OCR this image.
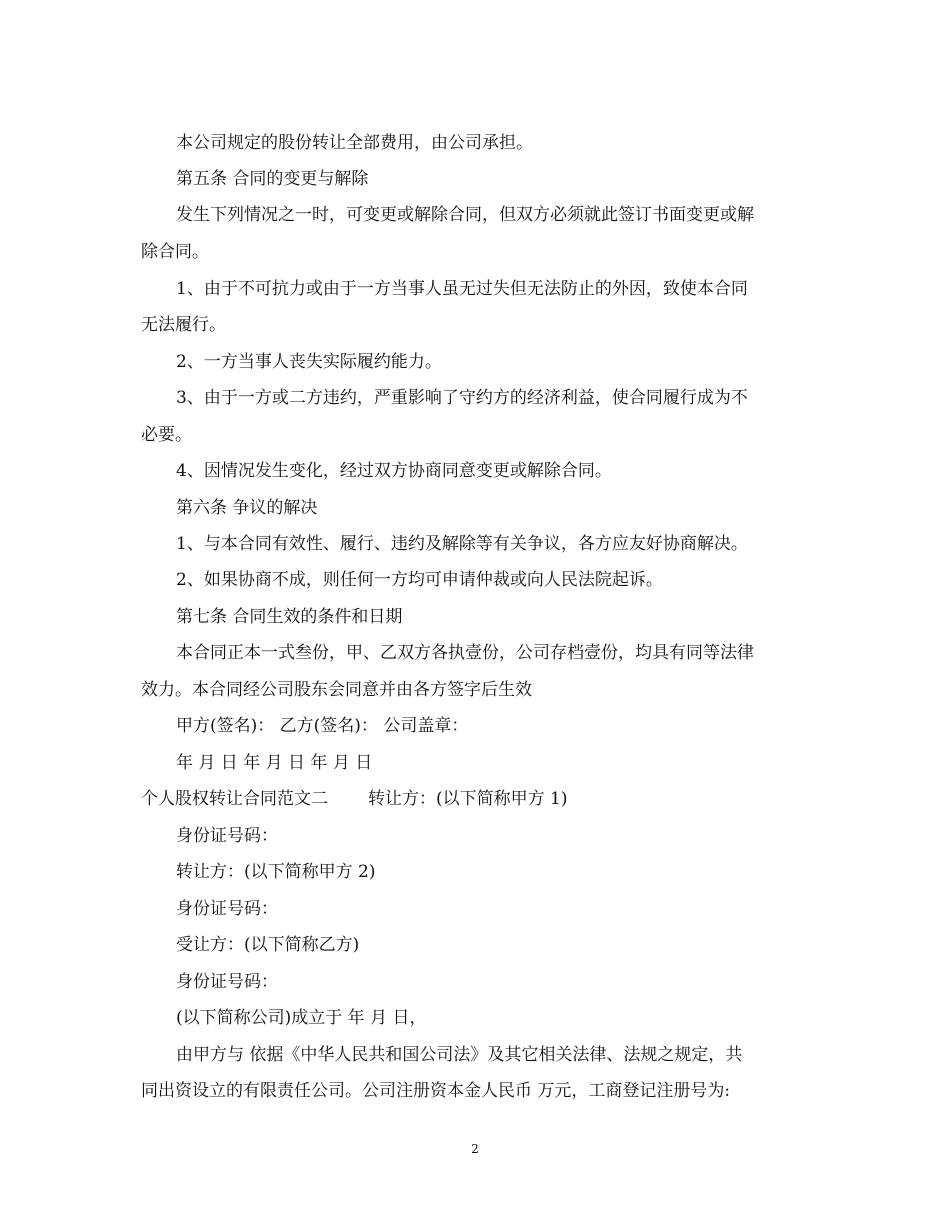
本公司规定的股份转让全部费用，由公司承担。
第五条 合同的变更与解除
发生下列情况之一时，可变更或解除合同，但双方必须就此签订书面变更或解
除合同。
1、由于不可抗力或由于一方当事人虽无过失但无法防止的外因，致使本合同
无法履行。
2、一方当事人丧失实际履约能力。
3、由于一方或二方违约，严重影响了守约方的经济利益，使合同履行成为不
必要。
4、因情况发生变化，经过双方协商同意变更或解除合同。
第六条 争议的解决
1、与本合同有效性、履行、违约及解除等有关争议，各方应友好协商解决。
2、如果协商不成，则任何一方均可申请仲裁或向人民法院起诉。
第七条 合同生效的条件和日期
本合同正本一式叁份，甲、乙双方各执壹份，公司存档壹份，均具有同等法律
效力。本合同经公司股东会同意并由各方签字后生效
甲方(签名)： 乙方(签名)： 公司盖章：
年 月 日 年 月 日 年 月 日
个人股权转让合同范文二 转让方：(以下简称甲方 1)
身份证号码：
转让方：(以下简称甲方 2)
身份证号码：
受让方：(以下简称乙方)
身份证号码：
(以下简称公司)成立于 年 月 日，
由甲方与 依据《中华人民共和国公司法》及其它相关法律、法规之规定，共
同出资设立的有限责任公司。公司注册资本金人民币 万元，工商登记注册号为:
2
